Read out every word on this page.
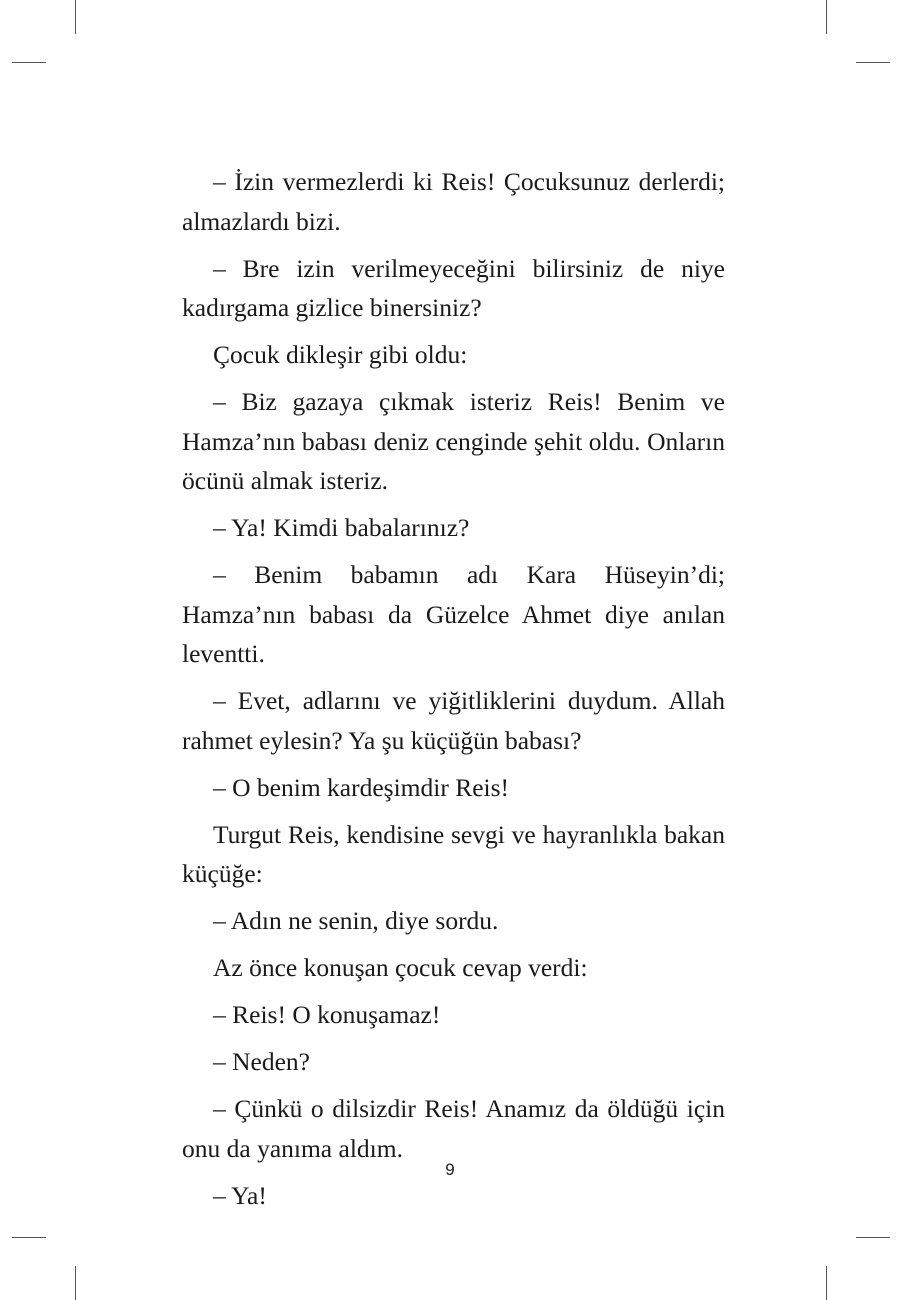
– İzin vermezlerdi ki Reis! Çocuksunuz derlerdi; almazlardı bizi.

– Bre izin verilmeyeceğini bilirsiniz de niye kadırgama gizlice binersiniz?

Çocuk dikleşir gibi oldu:

– Biz gazaya çıkmak isteriz Reis! Benim ve Hamza’nın babası deniz cenginde şehit oldu. Onların öcünü almak isteriz.

– Ya! Kimdi babalarınız?

– Benim babamın adı Kara Hüseyin’di; Hamza’nın babası da Güzelce Ahmet diye anılan leventti.

– Evet, adlarını ve yiğitliklerini duydum. Allah rahmet eylesin? Ya şu küçüğün babası?

– O benim kardeşimdir Reis!

Turgut Reis, kendisine sevgi ve hayranlıkla bakan küçüğe:

– Adın ne senin, diye sordu.

Az önce konuşan çocuk cevap verdi:

– Reis! O konuşamaz!

– Neden?

– Çünkü o dilsizdir Reis! Anamız da öldüğü için onu da yanıma aldım.

– Ya!

9
